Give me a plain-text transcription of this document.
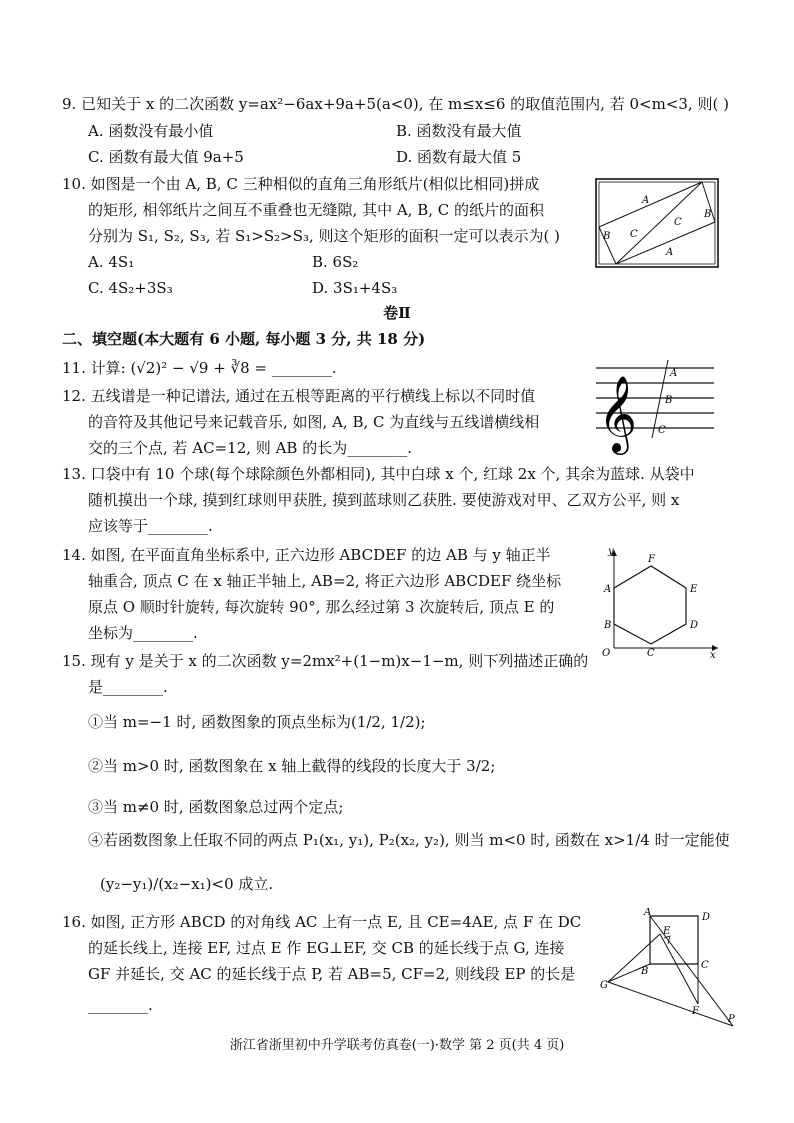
9. 已知关于 x 的二次函数 y=ax²−6ax+9a+5(a<0), 在 m≤x≤6 的取值范围内, 若 0<m<3, 则( )
A. 函数没有最小值	B. 函数没有最大值
C. 函数有最大值 9a+5	D. 函数有最大值 5
10. 如图是一个由 A, B, C 三种相似的直角三角形纸片(相似比相同)拼成
的矩形, 相邻纸片之间互不重叠也无缝隙, 其中 A, B, C 的纸片的面积
分别为 S₁, S₂, S₃, 若 S₁>S₂>S₃, 则这个矩形的面积一定可以表示为( )
A. 4S₁	B. 6S₂
C. 4S₂+3S₃	D. 3S₁+4S₃
A
A
B
B
C
C
卷Ⅱ
二、填空题(本大题有 6 小题, 每小题 3 分, 共 18 分)
11. 计算: (√2)² − √9 + ∛8 = ________.
12. 五线谱是一种记谱法, 通过在五根等距离的平行横线上标以不同时值
的音符及其他记号来记载音乐, 如图, A, B, C 为直线与五线谱横线相
交的三个点, 若 AC=12, 则 AB 的长为________.	𝄞
A
B
C
13. 口袋中有 10 个球(每个球除颜色外都相同), 其中白球 x 个, 红球 2x 个, 其余为蓝球. 从袋中
随机摸出一个球, 摸到红球则甲获胜, 摸到蓝球则乙获胜. 要使游戏对甲、乙双方公平, 则 x
应该等于________.
14. 如图, 在平面直角坐标系中, 正六边形 ABCDEF 的边 AB 与 y 轴正半
轴重合, 顶点 C 在 x 轴正半轴上, AB=2, 将正六边形 ABCDEF 绕坐标
原点 O 顺时针旋转, 每次旋转 90°, 那么经过第 3 次旋转后, 顶点 E 的
坐标为________.
y
F
A	E
B	D
O	C	x
15. 现有 y 是关于 x 的二次函数 y=2mx²+(1−m)x−1−m, 则下列描述正确的
是________.
①当 m=−1 时, 函数图象的顶点坐标为(1/2, 1/2);
②当 m>0 时, 函数图象在 x 轴上截得的线段的长度大于 3/2;
③当 m≠0 时, 函数图象总过两个定点;
④若函数图象上任取不同的两点 P₁(x₁, y₁), P₂(x₂, y₂), 则当 m<0 时, 函数在 x>1/4 时一定能使
(y₂−y₁)/(x₂−x₁)<0 成立.
16. 如图, 正方形 ABCD 的对角线 AC 上有一点 E, 且 CE=4AE, 点 F 在 DC
的延长线上, 连接 EF, 过点 E 作 EG⊥EF, 交 CB 的延长线于点 G, 连接
GF 并延长, 交 AC 的延长线于点 P, 若 AB=5, CF=2, 则线段 EP 的长是
________.
A	D
E
B
C
G
F
P
浙江省浙里初中升学联考仿真卷(一)·数学 第 2 页(共 4 页)
